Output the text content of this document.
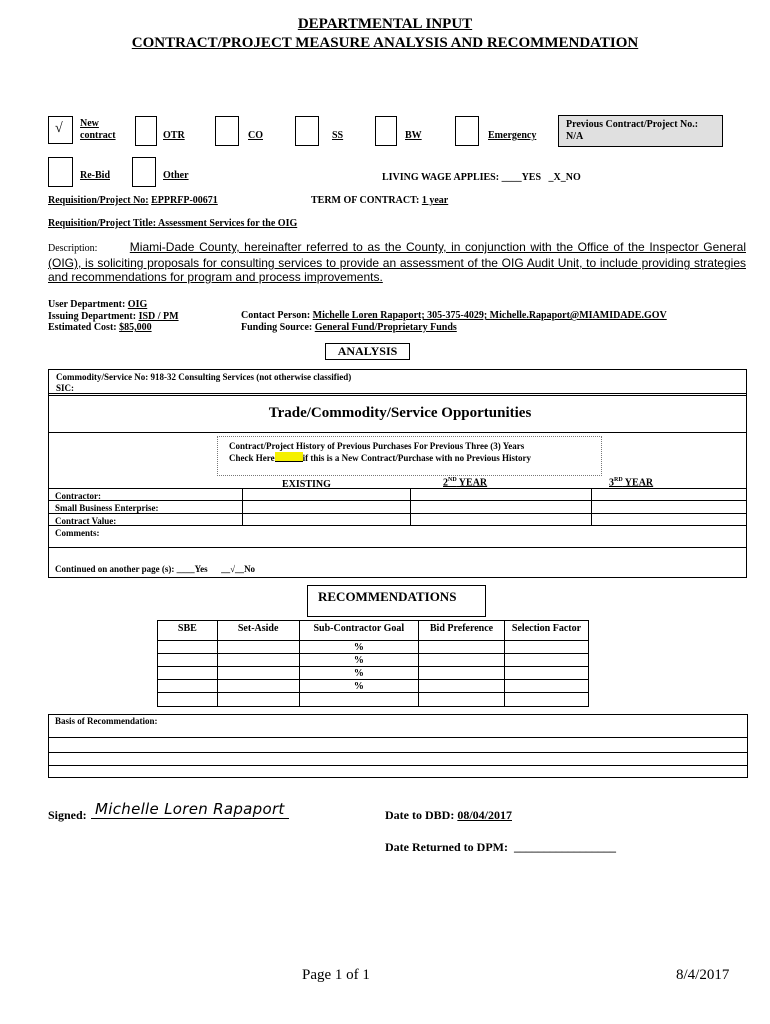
DEPARTMENTAL INPUT
CONTRACT/PROJECT MEASURE ANALYSIS AND RECOMMENDATION
√ New
contract	OTR	CO	SS	BW	Emergency
Previous Contract/Project No.:
N/A
Re-Bid	Other	LIVING WAGE APPLIES: ____YES _X_NO
Requisition/Project No: EPPRFP-00671	TERM OF CONTRACT: 1 year
Requisition/Project Title: Assessment Services for the OIG
Description:	Miami-Dade County, hereinafter referred to as the County, in conjunction with the Office of the Inspector General (OIG), is soliciting proposals for consulting services to provide an assessment of the OIG Audit Unit, to include providing strategies and recommendations for program and process improvements.
User Department: OIG
Issuing Department: ISD / PM
Estimated Cost: $85,000
Contact Person: Michelle Loren Rapaport; 305-375-4029; Michelle.Rapaport@MIAMIDADE.GOV
Funding Source: General Fund/Proprietary Funds
ANALYSIS
Commodity/Service No: 918-32 Consulting Services (not otherwise classified)
SIC:
Trade/Commodity/Service Opportunities
Contract/Project History of Previous Purchases For Previous Three (3) Years
Check Here	if this is a New Contract/Purchase with no Previous History
EXISTING	2ND YEAR	3RD YEAR
Contractor:
Small Business Enterprise:
Contract Value:
Comments:
Continued on another page (s): ____Yes __√__No
RECOMMENDATIONS
SBE	Set-Aside	Sub-Contractor Goal	Bid Preference	Selection Factor
		%		
		%		
		%		
		%		

Basis of Recommendation:
Signed: Michelle Loren Rapaport	Date to DBD: 08/04/2017
Date Returned to DPM: _________________
Page 1 of 1	8/4/2017
